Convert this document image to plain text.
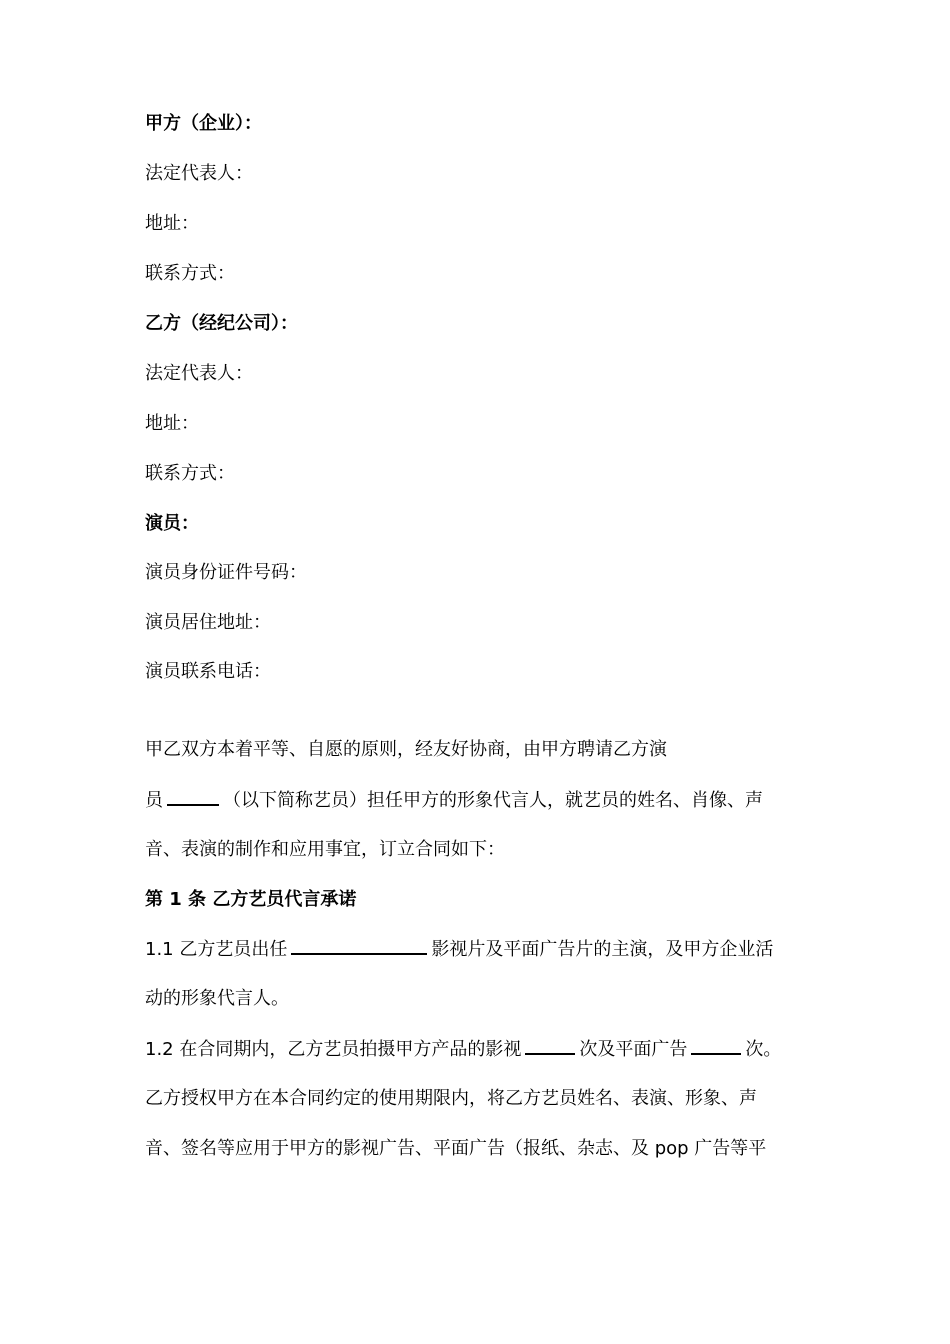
甲方（企业）：
法定代表人：
地址：
联系方式：
乙方（经纪公司）：
法定代表人：
地址：
联系方式：
演员：
演员身份证件号码：
演员居住地址：
演员联系电话：
甲乙双方本着平等、自愿的原则，经友好协商，由甲方聘请乙方演
员	（以下简称艺员）担任甲方的形象代言人，就艺员的姓名、肖像、声
音、表演的制作和应用事宜，订立合同如下：
第 1 条 乙方艺员代言承诺
1.1 乙方艺员出任	影视片及平面广告片的主演，及甲方企业活
动的形象代言人。
1.2 在合同期内，乙方艺员拍摄甲方产品的影视	次及平面广告	次。
乙方授权甲方在本合同约定的使用期限内，将乙方艺员姓名、表演、形象、声
音、签名等应用于甲方的影视广告、平面广告（报纸、杂志、及 pop 广告等平
